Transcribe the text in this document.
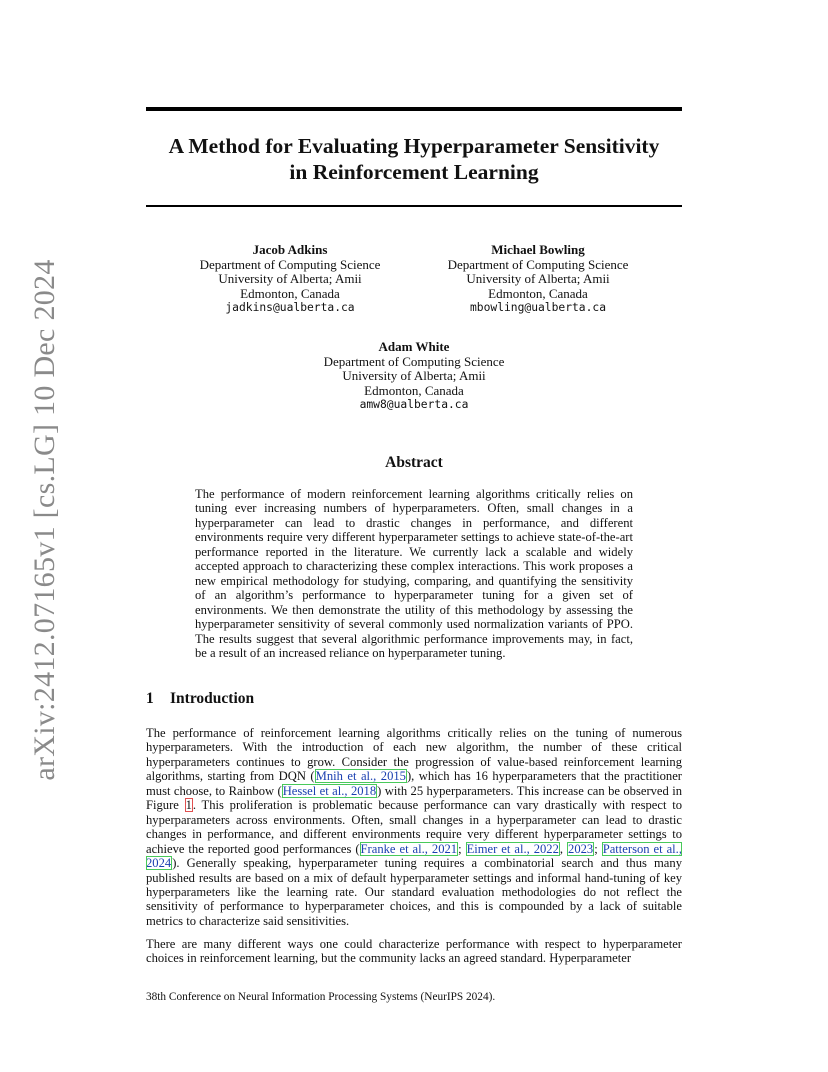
arXiv:2412.07165v1 [cs.LG] 10 Dec 2024
A Method for Evaluating Hyperparameter Sensitivity
in Reinforcement Learning
Jacob Adkins
Department of Computing Science
University of Alberta; Amii
Edmonton, Canada
jadkins@ualberta.ca
Michael Bowling
Department of Computing Science
University of Alberta; Amii
Edmonton, Canada
mbowling@ualberta.ca
Adam White
Department of Computing Science
University of Alberta; Amii
Edmonton, Canada
amw8@ualberta.ca
Abstract
The performance of modern reinforcement learning algorithms critically relies on tuning ever increasing numbers of hyperparameters. Often, small changes in a hyperparameter can lead to drastic changes in performance, and different environments require very different hyperparameter settings to achieve state-of-the-art performance reported in the literature. We currently lack a scalable and widely accepted approach to characterizing these complex interactions. This work proposes a new empirical methodology for studying, comparing, and quantifying the sensitivity of an algorithm’s performance to hyperparameter tuning for a given set of environments. We then demonstrate the utility of this methodology by assessing the hyperparameter sensitivity of several commonly used normalization variants of PPO. The results suggest that several algorithmic performance improvements may, in fact, be a result of an increased reliance on hyperparameter tuning.
1 Introduction
The performance of reinforcement learning algorithms critically relies on the tuning of numerous hyperparameters. With the introduction of each new algorithm, the number of these critical hyperparameters continues to grow. Consider the progression of value-based reinforcement learning algorithms, starting from DQN (Mnih et al., 2015), which has 16 hyperparameters that the practitioner must choose, to Rainbow (Hessel et al., 2018) with 25 hyperparameters. This increase can be observed in Figure 1. This proliferation is problematic because performance can vary drastically with respect to hyperparameters across environments. Often, small changes in a hyperparameter can lead to drastic changes in performance, and different environments require very different hyperparameter settings to achieve the reported good performances (Franke et al., 2021; Eimer et al., 2022, 2023; Patterson et al., 2024). Generally speaking, hyperparameter tuning requires a combinatorial search and thus many published results are based on a mix of default hyperparameter settings and informal hand-tuning of key hyperparameters like the learning rate. Our standard evaluation methodologies do not reflect the sensitivity of performance to hyperparameter choices, and this is compounded by a lack of suitable metrics to characterize said sensitivities.
There are many different ways one could characterize performance with respect to hyperparameter choices in reinforcement learning, but the community lacks an agreed standard. Hyperparameter
38th Conference on Neural Information Processing Systems (NeurIPS 2024).
